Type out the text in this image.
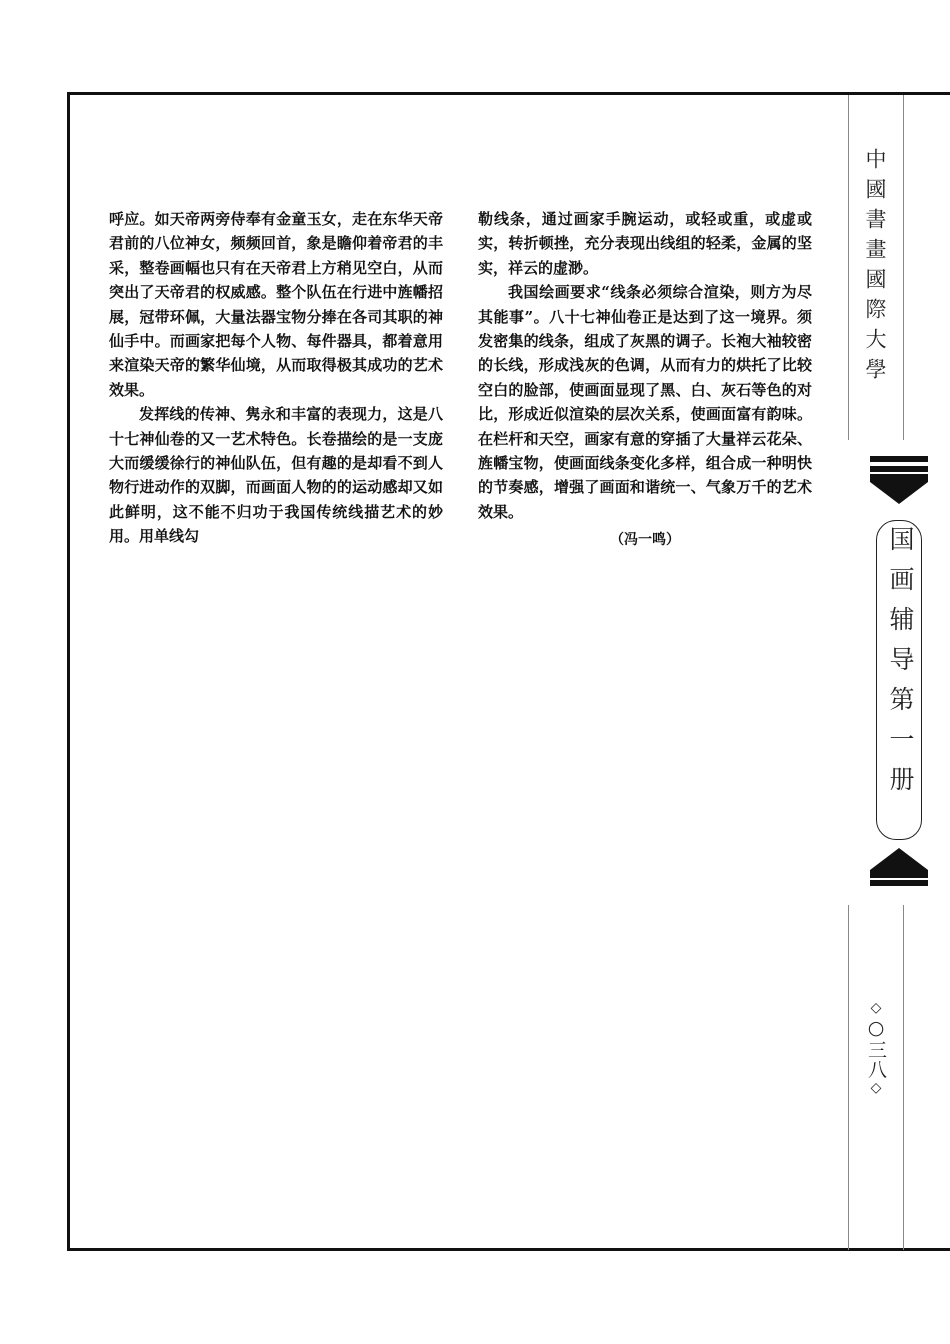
呼应。如天帝两旁侍奉有金童玉女，走在东华天帝君前的八位神女，频频回首，象是瞻仰着帝君的丰采，整卷画幅也只有在天帝君上方稍见空白，从而突出了天帝君的权威感。整个队伍在行进中旌幡招展，冠带环佩，大量法器宝物分捧在各司其职的神仙手中。而画家把每个人物、每件器具，都着意用来渲染天帝的繁华仙境，从而取得极其成功的艺术效果。

发挥线的传神、隽永和丰富的表现力，这是八十七神仙卷的又一艺术特色。长卷描绘的是一支庞大而缓缓徐行的神仙队伍，但有趣的是却看不到人物行进动作的双脚，而画面人物的的运动感却又如此鲜明，这不能不归功于我国传统线描艺术的妙用。用单线勾

勒线条，通过画家手腕运动，或轻或重，或虚或实，转折顿挫，充分表现出线组的轻柔，金属的坚实，祥云的虚渺。

我国绘画要求“线条必须综合渲染，则方为尽其能事”。八十七神仙卷正是达到了这一境界。须发密集的线条，组成了灰黑的调子。长袍大袖较密的长线，形成浅灰的色调，从而有力的烘托了比较空白的脸部，使画面显现了黑、白、灰石等色的对比，形成近似渲染的层次关系，使画面富有韵味。在栏杆和天空，画家有意的穿插了大量祥云花朵、旌幡宝物，使画面线条变化多样，组合成一种明快的节奏感，增强了画面和谐统一、气象万千的艺术效果。

（冯一鸣）

中國書畫國際大學
国画辅导第一册
◇○三八◇
